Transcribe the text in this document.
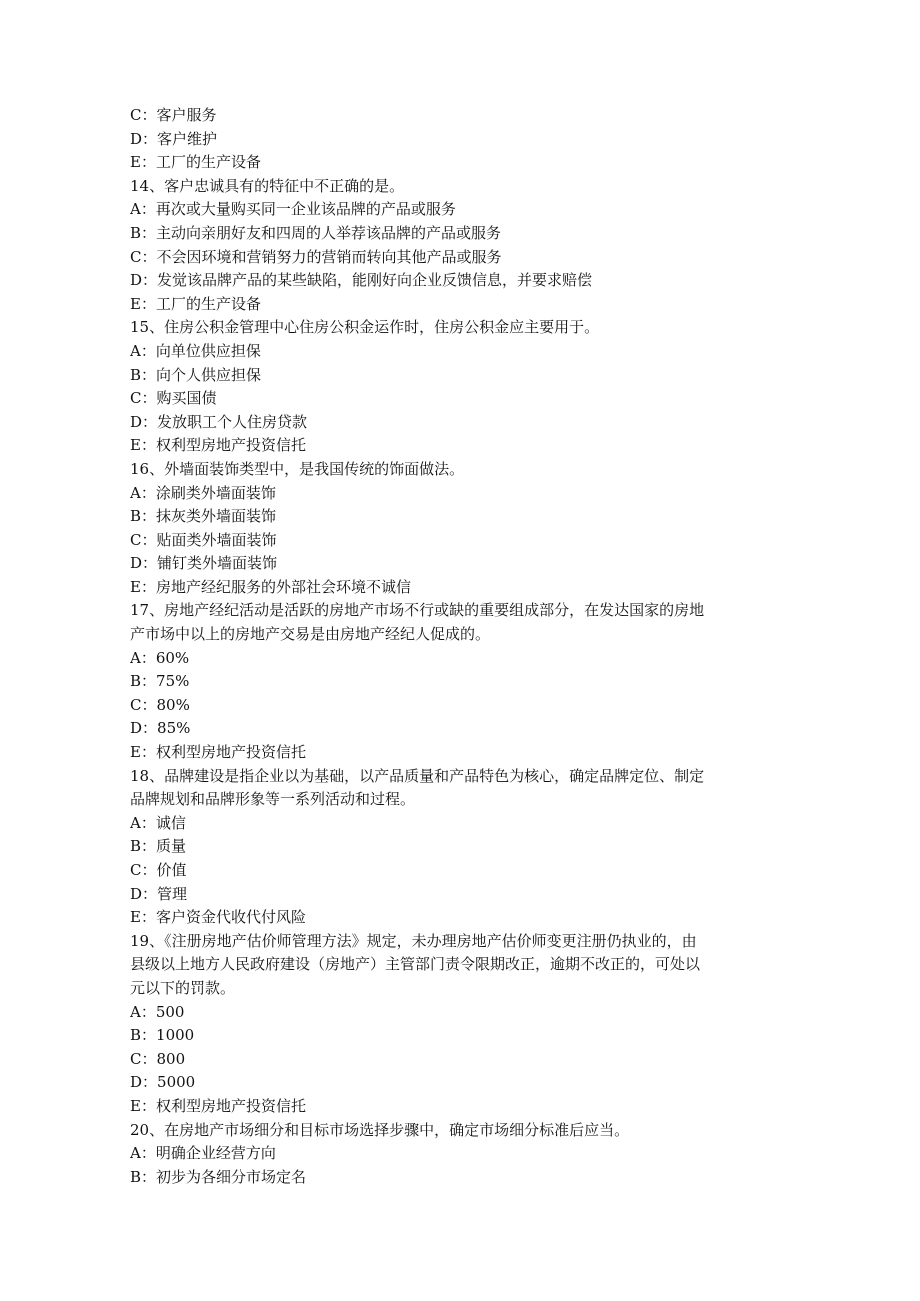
C：客户服务
D：客户维护
E：工厂的生产设备
14、客户忠诚具有的特征中不正确的是。
A：再次或大量购买同一企业该品牌的产品或服务
B：主动向亲朋好友和四周的人举荐该品牌的产品或服务
C：不会因环境和营销努力的营销而转向其他产品或服务
D：发觉该品牌产品的某些缺陷，能刚好向企业反馈信息，并要求赔偿
E：工厂的生产设备
15、住房公积金管理中心住房公积金运作时，住房公积金应主要用于。
A：向单位供应担保
B：向个人供应担保
C：购买国债
D：发放职工个人住房贷款
E：权利型房地产投资信托
16、外墙面装饰类型中，是我国传统的饰面做法。
A：涂刷类外墙面装饰
B：抹灰类外墙面装饰
C：贴面类外墙面装饰
D：铺钉类外墙面装饰
E：房地产经纪服务的外部社会环境不诚信
17、房地产经纪活动是活跃的房地产市场不行或缺的重要组成部分，在发达国家的房地
产市场中以上的房地产交易是由房地产经纪人促成的。
A：60%
B：75%
C：80%
D：85%
E：权利型房地产投资信托
18、品牌建设是指企业以为基础，以产品质量和产品特色为核心，确定品牌定位、制定
品牌规划和品牌形象等一系列活动和过程。
A：诚信
B：质量
C：价值
D：管理
E：客户资金代收代付风险
19、《注册房地产估价师管理方法》规定，未办理房地产估价师变更注册仍执业的，由
县级以上地方人民政府建设（房地产）主管部门责令限期改正，逾期不改正的，可处以
元以下的罚款。
A：500
B：1000
C：800
D：5000
E：权利型房地产投资信托
20、在房地产市场细分和目标市场选择步骤中，确定市场细分标准后应当。
A：明确企业经营方向
B：初步为各细分市场定名
